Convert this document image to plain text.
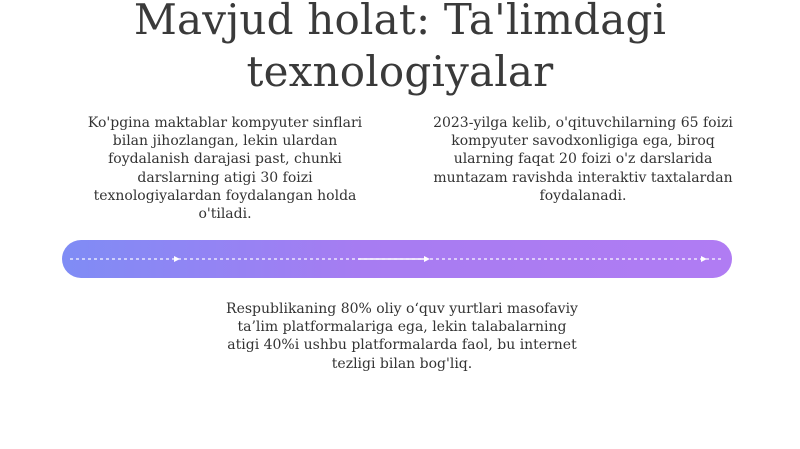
Mavjud holat: Ta'limdagi texnologiyalar

Ko'pgina maktablar kompyuter sinflari bilan jihozlangan, lekin ulardan foydalanish darajasi past, chunki darslarning atigi 30 foizi texnologiyalardan foydalangan holda o'tiladi.

2023-yilga kelib, o'qituvchilarning 65 foizi kompyuter savodxonligiga ega, biroq ularning faqat 20 foizi o'z darslarida muntazam ravishda interaktiv taxtalardan foydalanadi.

Respublikaning 80% oliy o‘quv yurtlari masofaviy ta’lim platformalariga ega, lekin talabalarning atigi 40%i ushbu platformalarda faol, bu internet tezligi bilan bog'liq.
